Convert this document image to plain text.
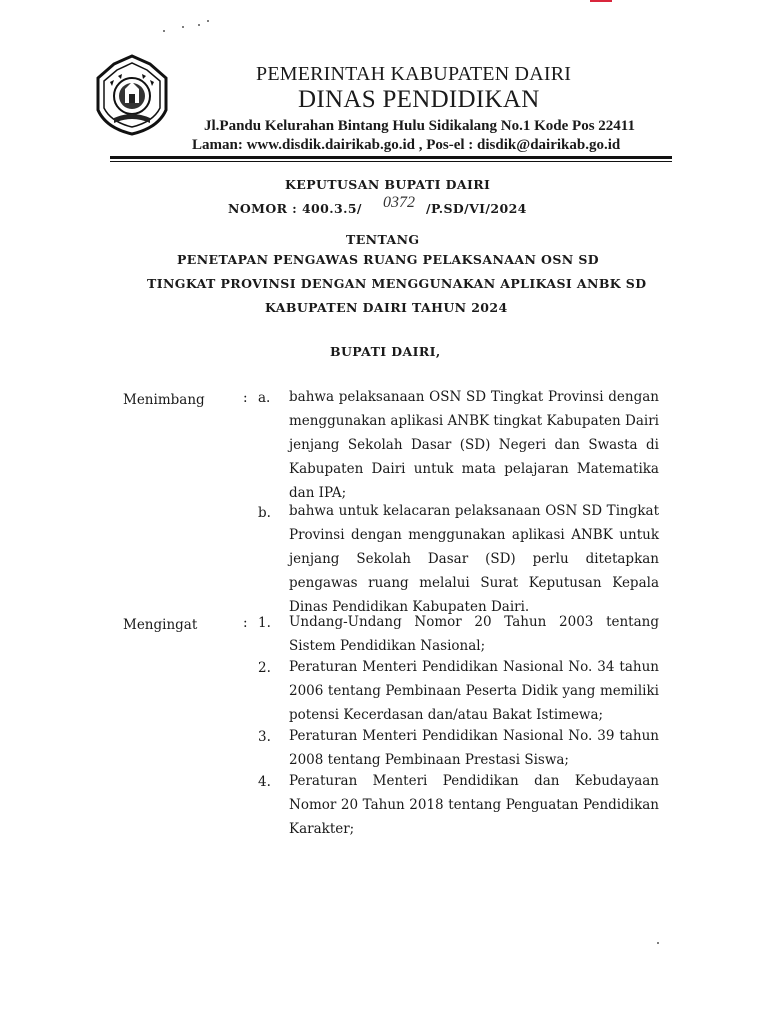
PEMERINTAH KABUPATEN DAIRI
DINAS PENDIDIKAN
Jl.Pandu Kelurahan Bintang Hulu Sidikalang No.1 Kode Pos 22411
Laman: www.disdik.dairikab.go.id , Pos-el : disdik@dairikab.go.id
KEPUTUSAN BUPATI DAIRI
NOMOR : 400.3.5/ 0372 /P.SD/VI/2024
TENTANG
PENETAPAN PENGAWAS RUANG PELAKSANAAN OSN SD
TINGKAT PROVINSI DENGAN MENGGUNAKAN APLIKASI ANBK SD
KABUPATEN DAIRI TAHUN 2024
BUPATI DAIRI,
Menimbang	: a. bahwa pelaksanaan OSN SD Tingkat Provinsi dengan menggunakan aplikasi ANBK tingkat Kabupaten Dairi jenjang Sekolah Dasar (SD) Negeri dan Swasta di Kabupaten Dairi untuk mata pelajaran Matematika dan IPA;
b. bahwa untuk kelacaran pelaksanaan OSN SD Tingkat Provinsi dengan menggunakan aplikasi ANBK untuk jenjang Sekolah Dasar (SD) perlu ditetapkan pengawas ruang melalui Surat Keputusan Kepala Dinas Pendidikan Kabupaten Dairi.
Mengingat	: 1. Undang-Undang Nomor 20 Tahun 2003 tentang Sistem Pendidikan Nasional;
2. Peraturan Menteri Pendidikan Nasional No. 34 tahun 2006 tentang Pembinaan Peserta Didik yang memiliki potensi Kecerdasan dan/atau Bakat Istimewa;
3. Peraturan Menteri Pendidikan Nasional No. 39 tahun 2008 tentang Pembinaan Prestasi Siswa;
4. Peraturan Menteri Pendidikan dan Kebudayaan Nomor 20 Tahun 2018 tentang Penguatan Pendidikan Karakter;
